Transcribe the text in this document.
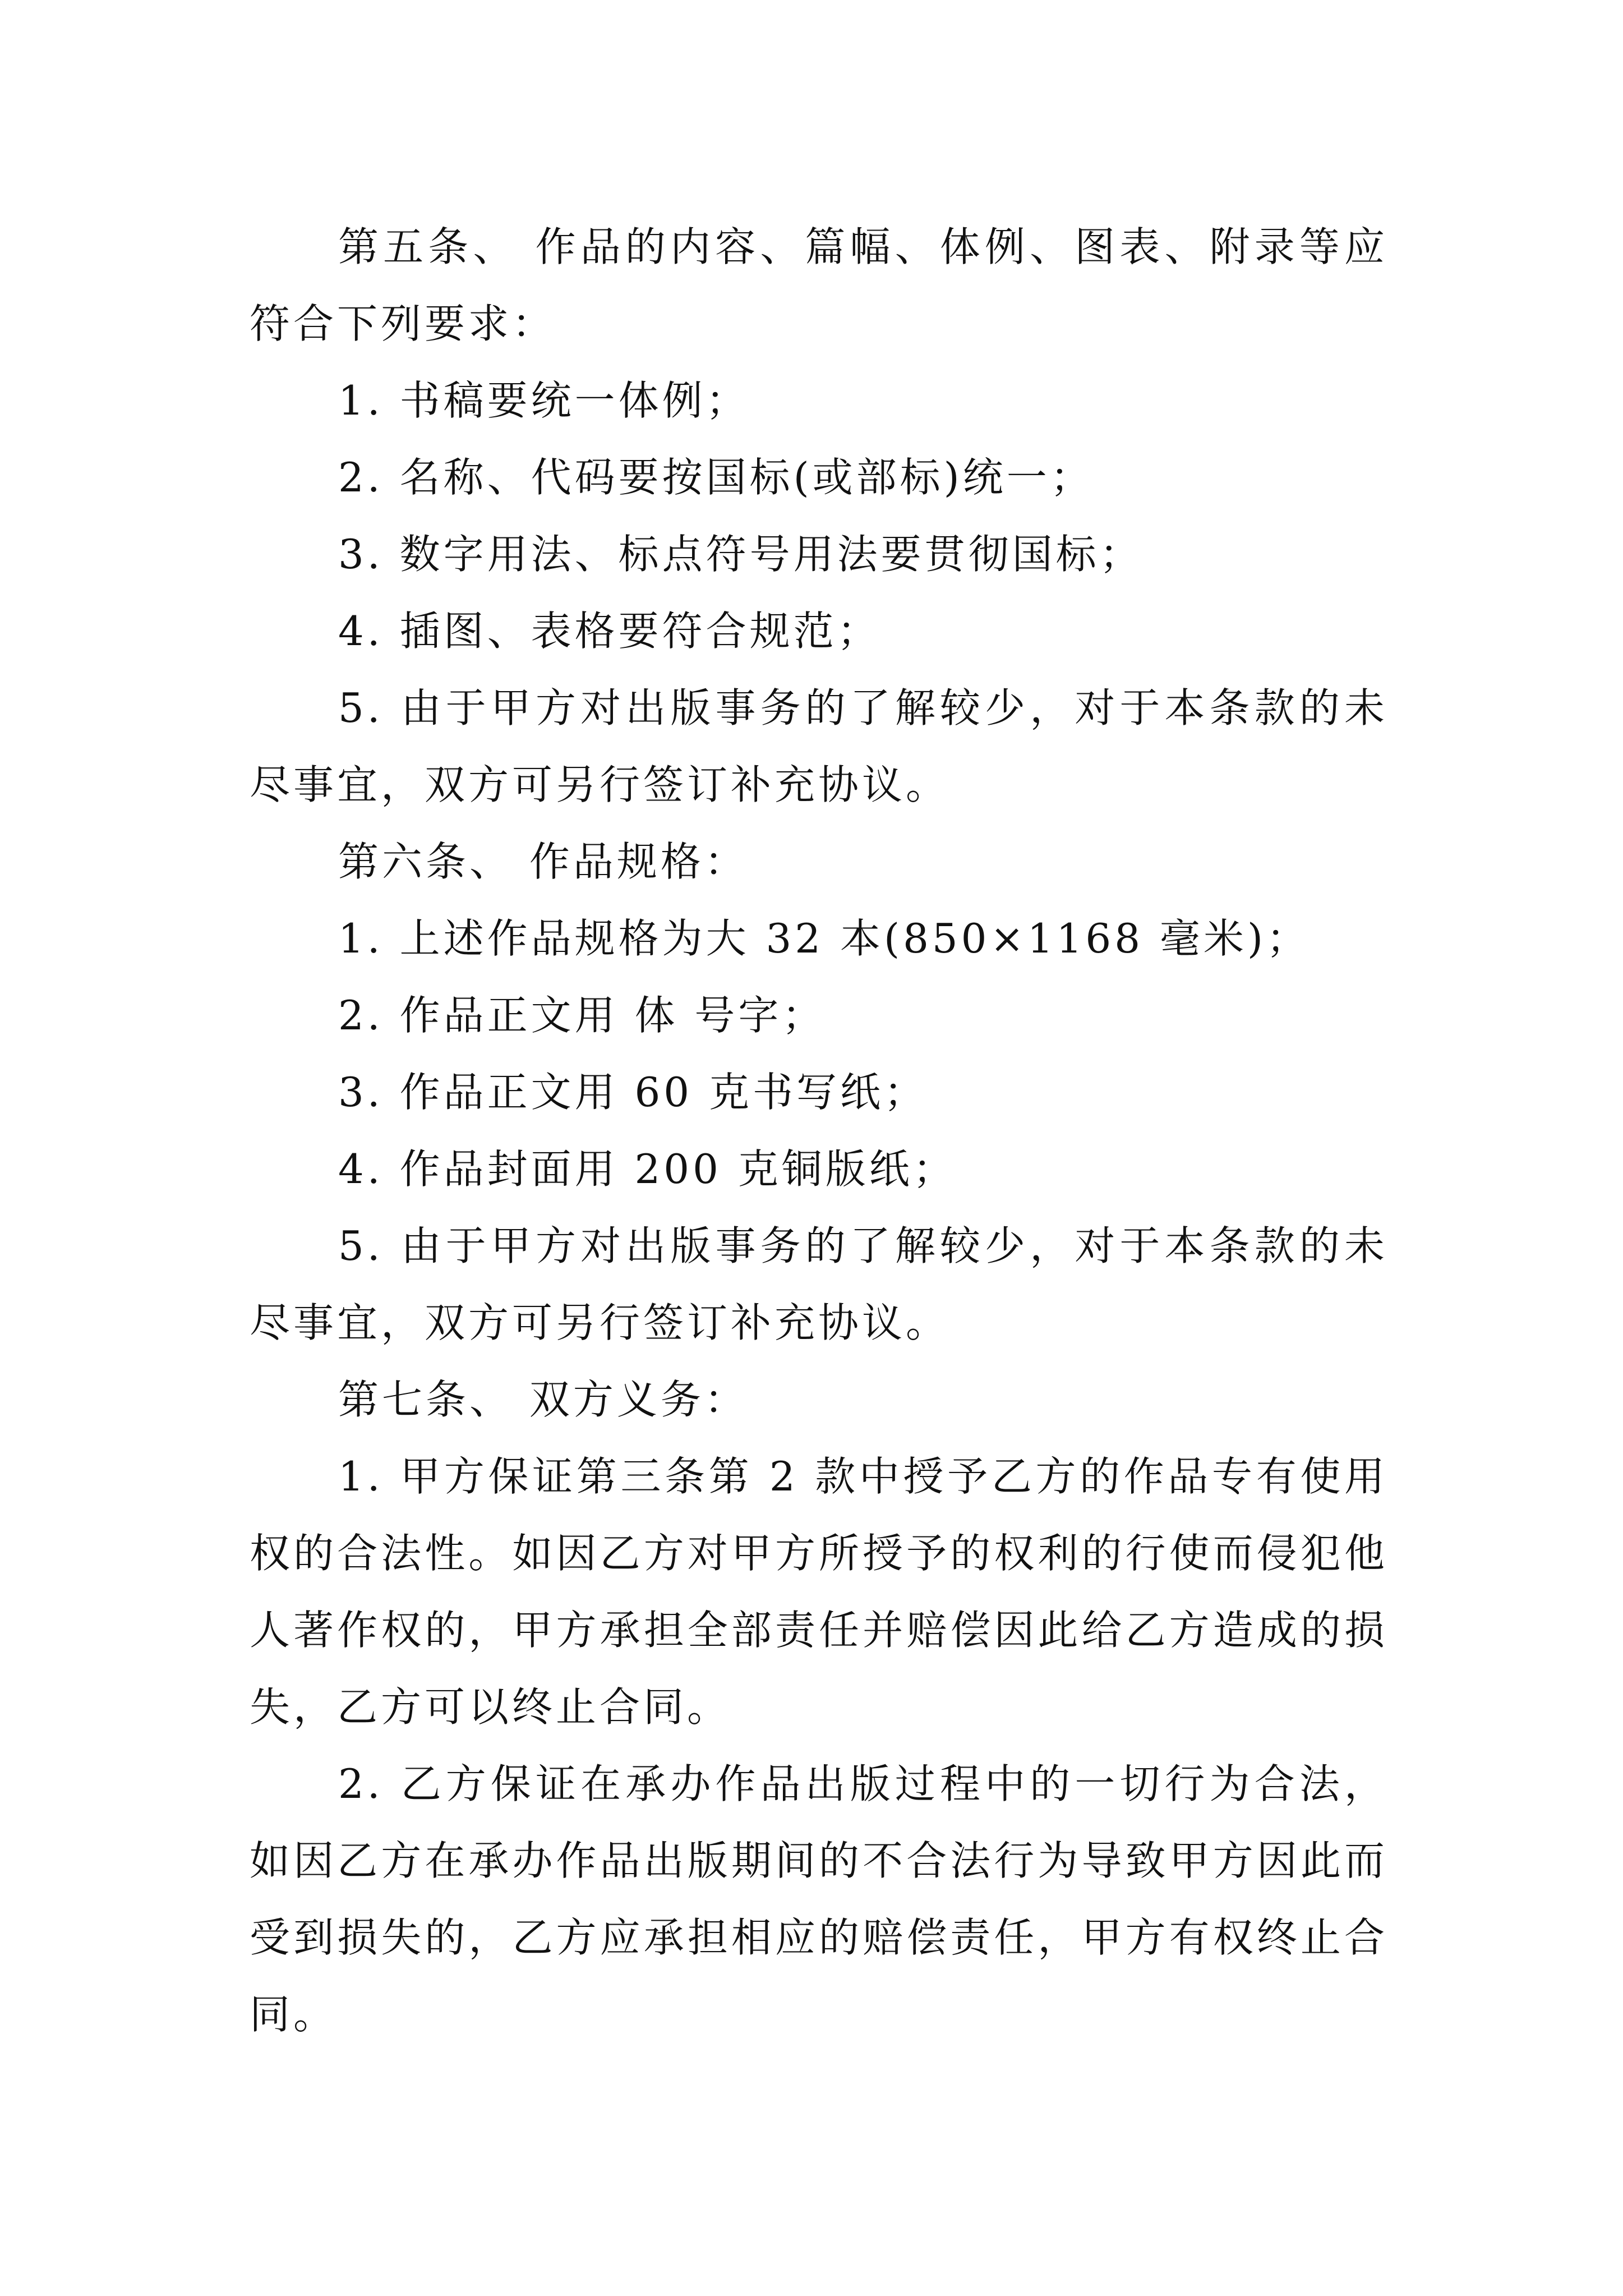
第五条、 作品的内容、篇幅、体例、图表、附录等应符合下列要求：

1. 书稿要统一体例；

2. 名称、代码要按国标(或部标)统一；

3. 数字用法、标点符号用法要贯彻国标；

4. 插图、表格要符合规范；

5. 由于甲方对出版事务的了解较少，对于本条款的未尽事宜，双方可另行签订补充协议。

第六条、 作品规格：

1. 上述作品规格为大 32 本(850×1168 毫米)；

2. 作品正文用 体 号字；

3. 作品正文用 60 克书写纸；

4. 作品封面用 200 克铜版纸；

5. 由于甲方对出版事务的了解较少，对于本条款的未尽事宜，双方可另行签订补充协议。

第七条、 双方义务：

1. 甲方保证第三条第 2 款中授予乙方的作品专有使用权的合法性。如因乙方对甲方所授予的权利的行使而侵犯他人著作权的，甲方承担全部责任并赔偿因此给乙方造成的损失，乙方可以终止合同。

2. 乙方保证在承办作品出版过程中的一切行为合法，如因乙方在承办作品出版期间的不合法行为导致甲方因此而受到损失的，乙方应承担相应的赔偿责任，甲方有权终止合同。
